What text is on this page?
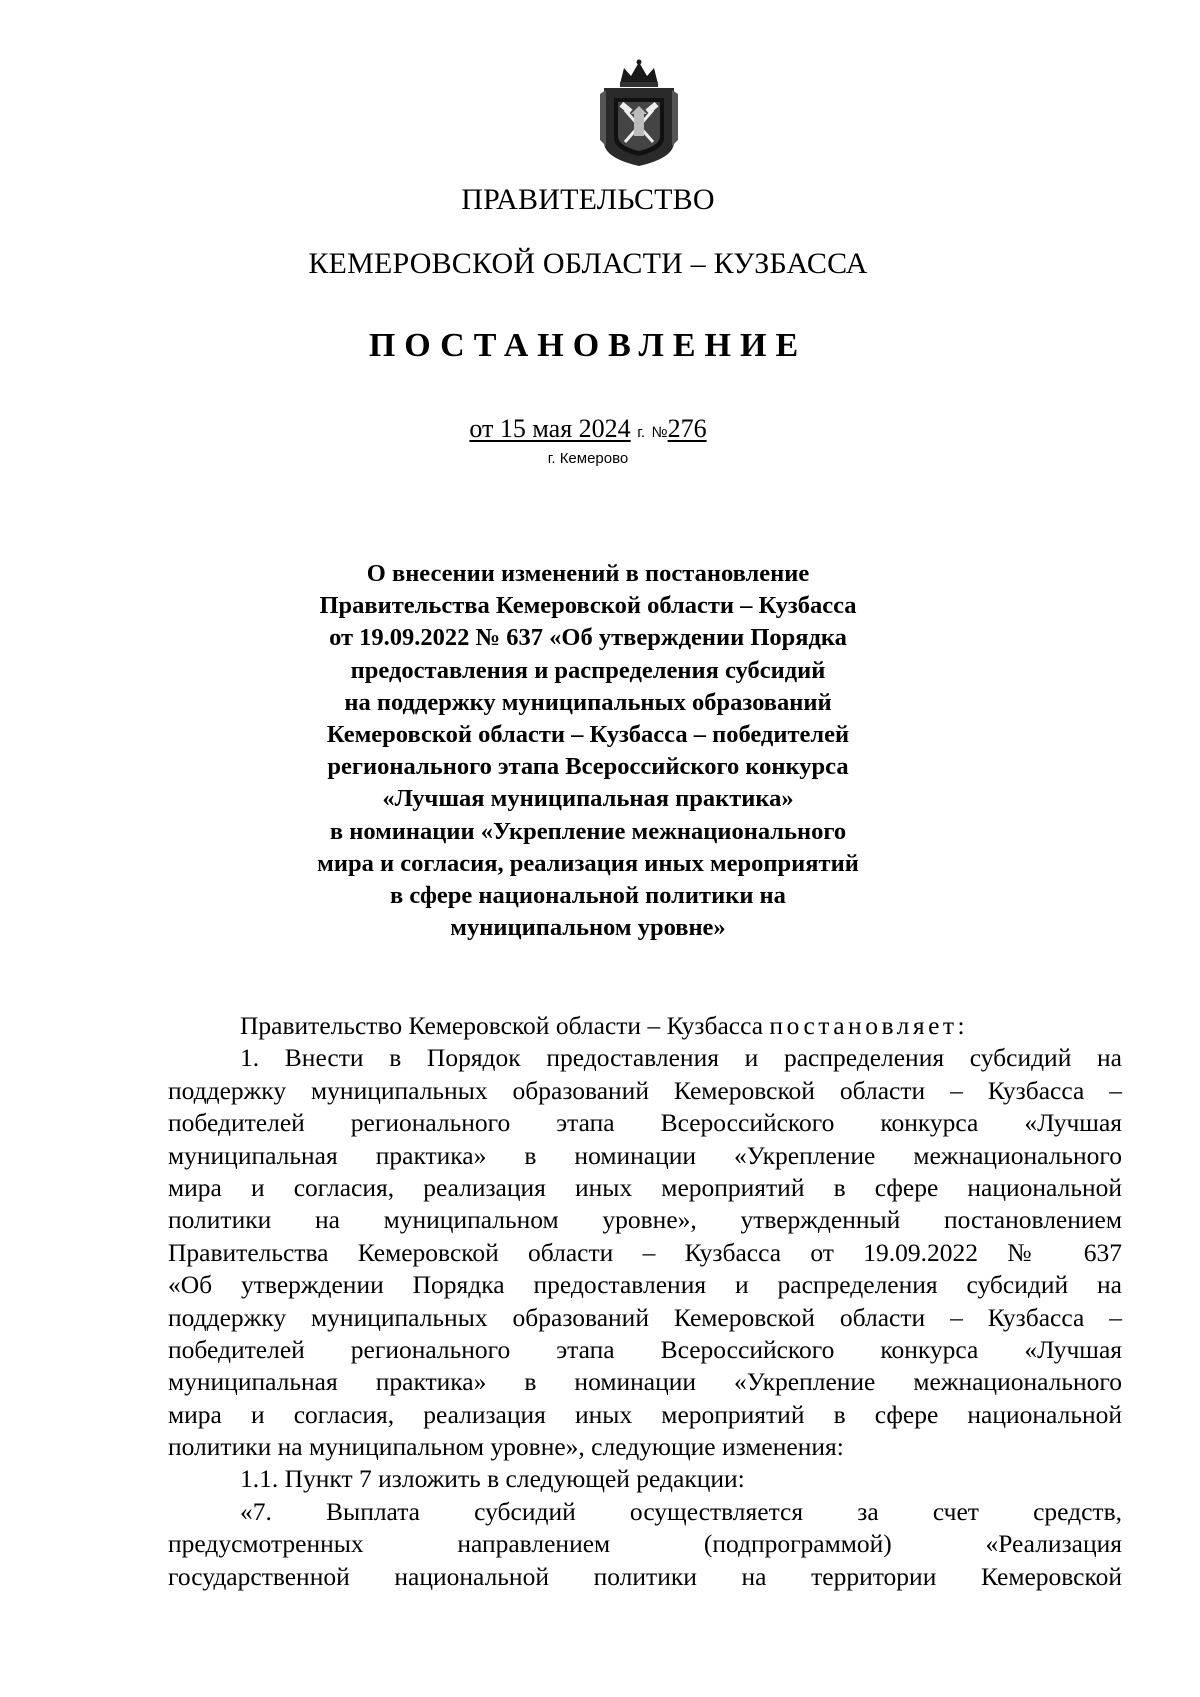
ПРАВИТЕЛЬСТВО
КЕМЕРОВСКОЙ ОБЛАСТИ – КУЗБАССА
ПОСТАНОВЛЕНИЕ
от 15 мая 2024 г. №276
г. Кемерово
О внесении изменений в постановление
Правительства Кемеровской области – Кузбасса
от 19.09.2022 № 637 «Об утверждении Порядка
предоставления и распределения субсидий
на поддержку муниципальных образований
Кемеровской области – Кузбасса – победителей
регионального этапа Всероссийского конкурса
«Лучшая муниципальная практика»
в номинации «Укрепление межнационального
мира и согласия, реализация иных мероприятий
в сфере национальной политики на
муниципальном уровне»
Правительство Кемеровской области – Кузбасса постановляет:
1. Внести в Порядок предоставления и распределения субсидий на
поддержку муниципальных образований Кемеровской области – Кузбасса –
победителей регионального этапа Всероссийского конкурса «Лучшая
муниципальная практика» в номинации «Укрепление межнационального
мира и согласия, реализация иных мероприятий в сфере национальной
политики на муниципальном уровне», утвержденный постановлением
Правительства Кемеровской области – Кузбасса от 19.09.2022 № 637
«Об утверждении Порядка предоставления и распределения субсидий на
поддержку муниципальных образований Кемеровской области – Кузбасса –
победителей регионального этапа Всероссийского конкурса «Лучшая
муниципальная практика» в номинации «Укрепление межнационального
мира и согласия, реализация иных мероприятий в сфере национальной
политики на муниципальном уровне», следующие изменения:
1.1. Пункт 7 изложить в следующей редакции:
«7. Выплата субсидий осуществляется за счет средств,
предусмотренных направлением (подпрограммой) «Реализация
государственной национальной политики на территории Кемеровской
